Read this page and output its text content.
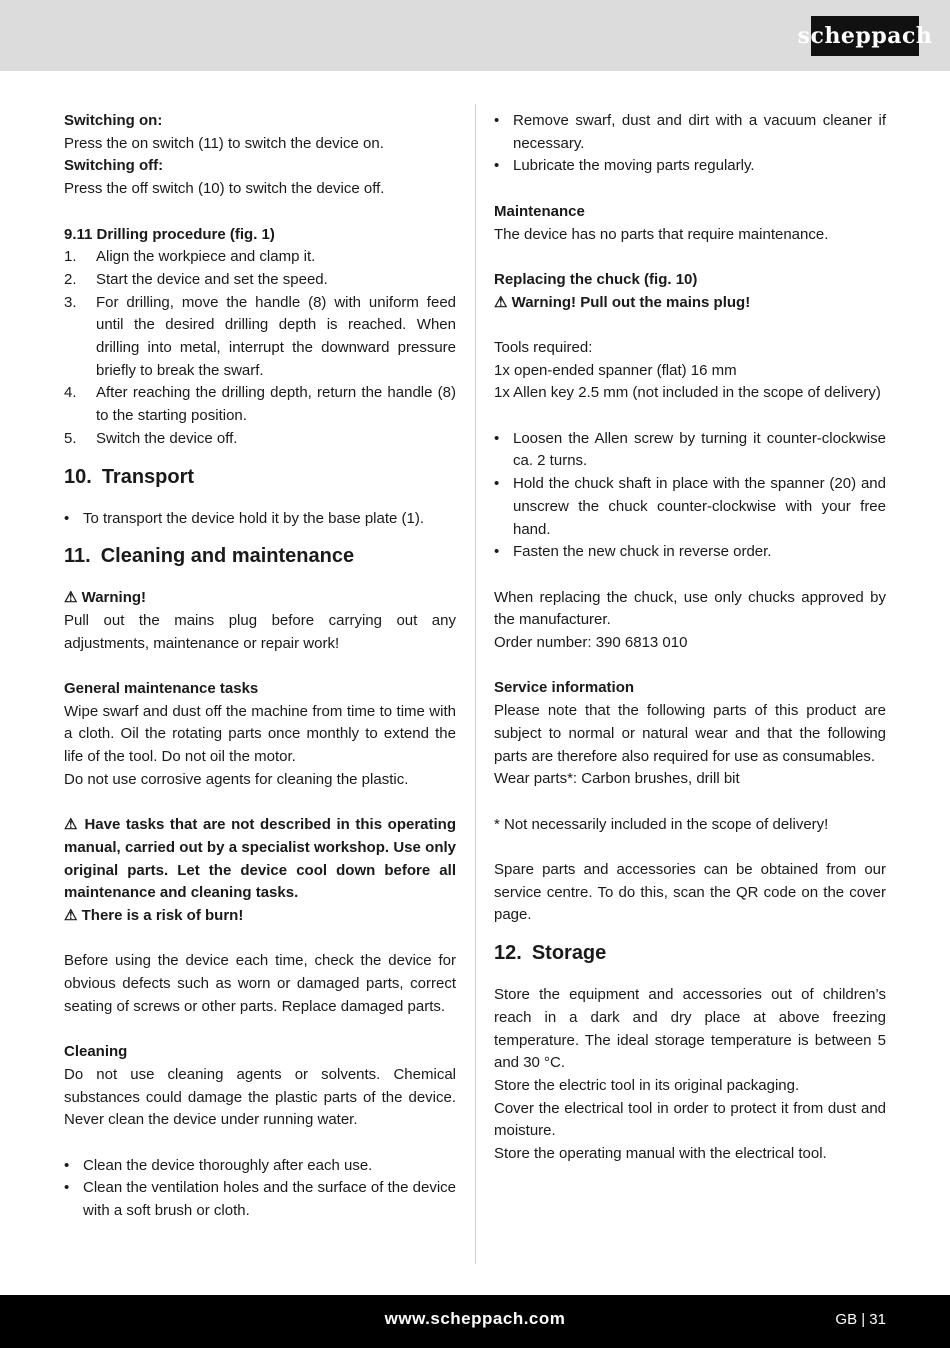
scheppach

Switching on:

Press the on switch (11) to switch the device on.

Switching off:

Press the off switch (10) to switch the device off.

9.11 Drilling procedure (fig. 1)

1. Align the workpiece and clamp it.
2. Start the device and set the speed.
3. For drilling, move the handle (8) with uniform feed until the desired drilling depth is reached. When drilling into metal, interrupt the downward pressure briefly to break the swarf.
4. After reaching the drilling depth, return the handle (8) to the starting position.
5. Switch the device off.
10. Transport
• To transport the device hold it by the base plate (1).
11. Cleaning and maintenance

⚠ Warning!

Pull out the mains plug before carrying out any adjustments, maintenance or repair work!

General maintenance tasks

Wipe swarf and dust off the machine from time to time with a cloth. Oil the rotating parts once monthly to extend the life of the tool. Do not oil the motor.

Do not use corrosive agents for cleaning the plastic.

⚠ Have tasks that are not described in this operating manual, carried out by a specialist workshop. Use only original parts. Let the device cool down before all maintenance and cleaning tasks.

⚠ There is a risk of burn!

Before using the device each time, check the device for obvious defects such as worn or damaged parts, correct seating of screws or other parts. Replace damaged parts.

Cleaning

Do not use cleaning agents or solvents. Chemical substances could damage the plastic parts of the device. Never clean the device under running water.

• Clean the device thoroughly after each use.
• Clean the ventilation holes and the surface of the device with a soft brush or cloth.
• Remove swarf, dust and dirt with a vacuum cleaner if necessary.
• Lubricate the moving parts regularly.

Maintenance

The device has no parts that require maintenance.

Replacing the chuck (fig. 10)

⚠ Warning! Pull out the mains plug!

Tools required:

1x open-ended spanner (flat) 16 mm

1x Allen key 2.5 mm (not included in the scope of delivery)

• Loosen the Allen screw by turning it counter-clockwise ca. 2 turns.
• Hold the chuck shaft in place with the spanner (20) and unscrew the chuck counter-clockwise with your free hand.
• Fasten the new chuck in reverse order.

When replacing the chuck, use only chucks approved by the manufacturer.

Order number: 390 6813 010

Service information

Please note that the following parts of this product are subject to normal or natural wear and that the following parts are therefore also required for use as consumables.

Wear parts*: Carbon brushes, drill bit

* Not necessarily included in the scope of delivery!

Spare parts and accessories can be obtained from our service centre. To do this, scan the QR code on the cover page.

12. Storage

Store the equipment and accessories out of children’s reach in a dark and dry place at above freezing temperature. The ideal storage temperature is between 5 and 30 °C.

Store the electric tool in its original packaging.

Cover the electrical tool in order to protect it from dust and moisture.

Store the operating manual with the electrical tool.

www.scheppach.com	GB | 31
